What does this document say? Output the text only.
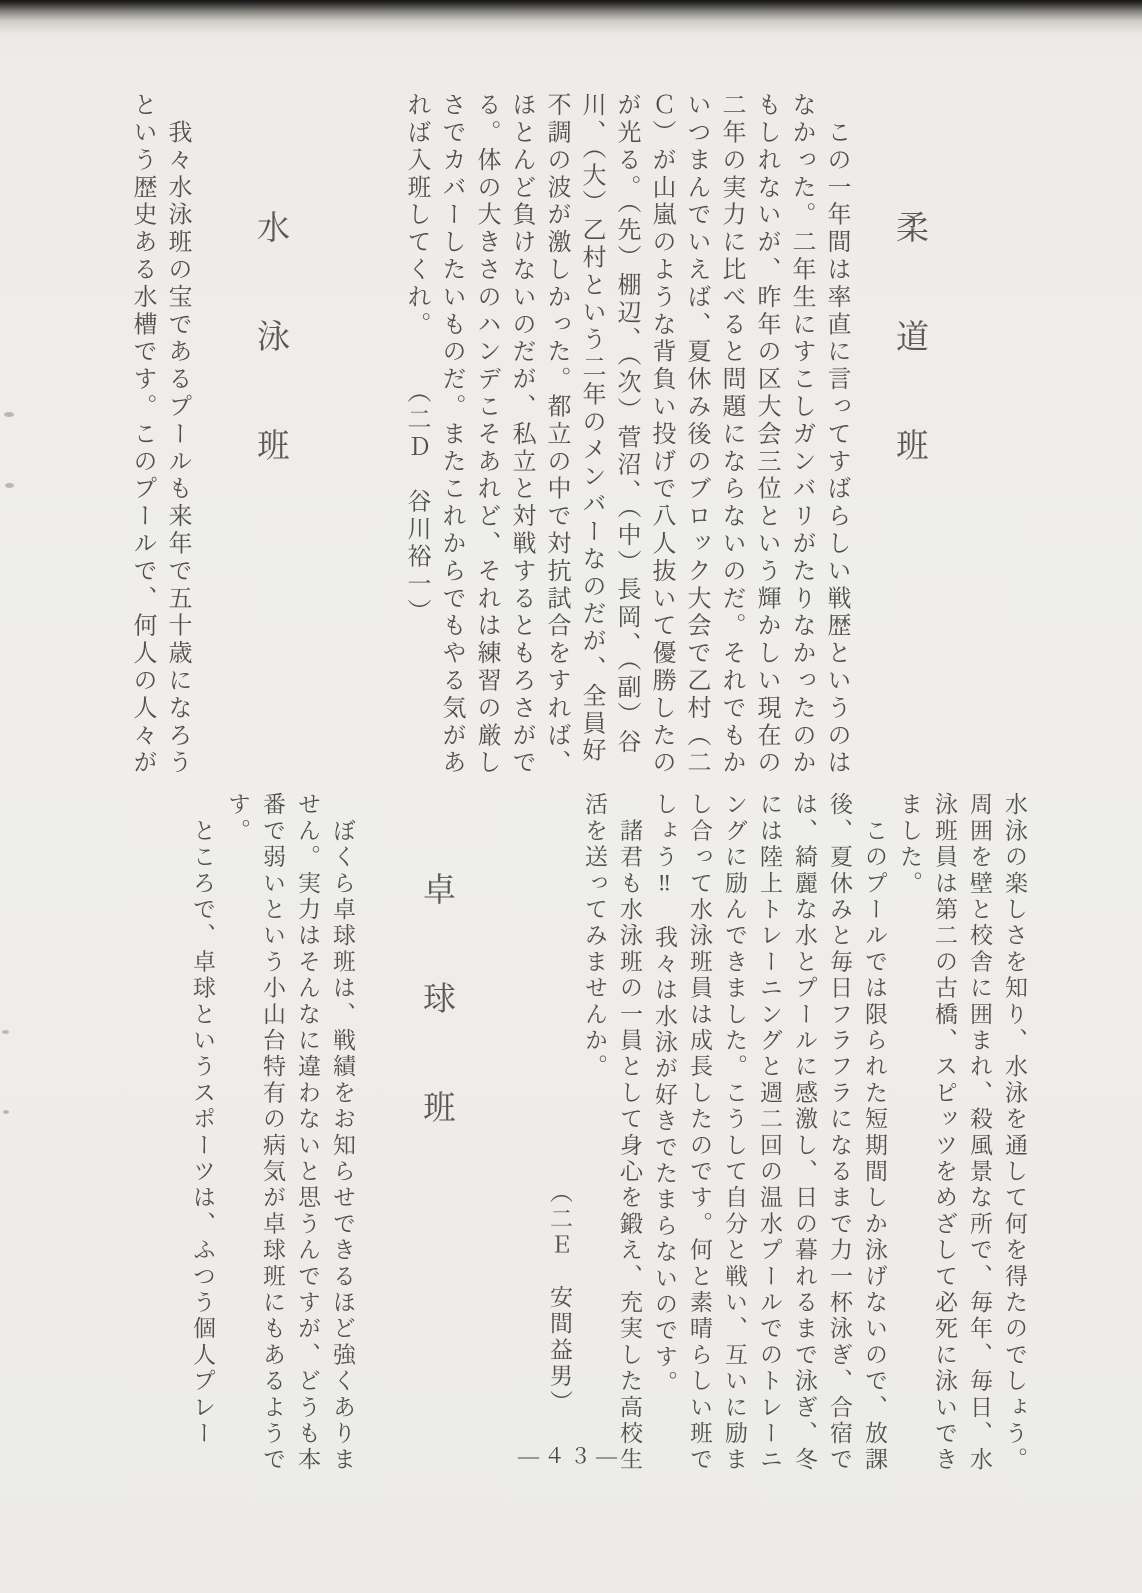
柔道班

　この一年間は率直に言ってすばらしい戦歴というのはなかった。二年生にすこしガンバリがたりなかったのかもしれないが、昨年の区大会三位という輝かしい現在の二年の実力に比べると問題にならないのだ。それでもかいつまんでいえば、夏休み後のブロック大会で乙村（二Ｃ）が山嵐のような背負い投げで八人抜いて優勝したのが光る。（先）棚辺、（次）菅沼、（中）長岡、（副）谷川、（大）乙村という二年のメンバーなのだが、全員好不調の波が激しかった。都立の中で対抗試合をすれば、ほとんど負けないのだが、私立と対戦するともろさがでる。体の大きさのハンデこそあれど、それは練習の厳しさでカバーしたいものだ。またこれからでもやる気があれば入班してくれ。（二Ｄ　谷川裕一）

水泳班

　我々水泳班の宝であるプールも来年で五十歳になろうという歴史ある水槽です。このプールで、何人の人々が

水泳の楽しさを知り、水泳を通して何を得たのでしょう。周囲を壁と校舎に囲まれ、殺風景な所で、毎年、毎日、水泳班員は第二の古橋、スピッツをめざして必死に泳いできました。

　このプールでは限られた短期間しか泳げないので、放課後、夏休みと毎日フラフラになるまで力一杯泳ぎ、合宿では、綺麗な水とプールに感激し、日の暮れるまで泳ぎ、冬には陸上トレーニングと週二回の温水プールでのトレーニングに励んできました。こうして自分と戦い、互いに励まし合って水泳班員は成長したのです。何と素晴らしい班でしょう‼　我々は水泳が好きでたまらないのです。

　諸君も水泳班の一員として身心を鍛え、充実した高校生活を送ってみませんか。

（二Ｅ　安間益男）

卓球班

　ぼくら卓球班は、戦績をお知らせできるほど強くありません。実力はそんなに違わないと思うんですが、どうも本番で弱いという小山台特有の病気が卓球班にもあるようです。

　ところで、卓球というスポーツは、ふつう個人プレー

—４３—
